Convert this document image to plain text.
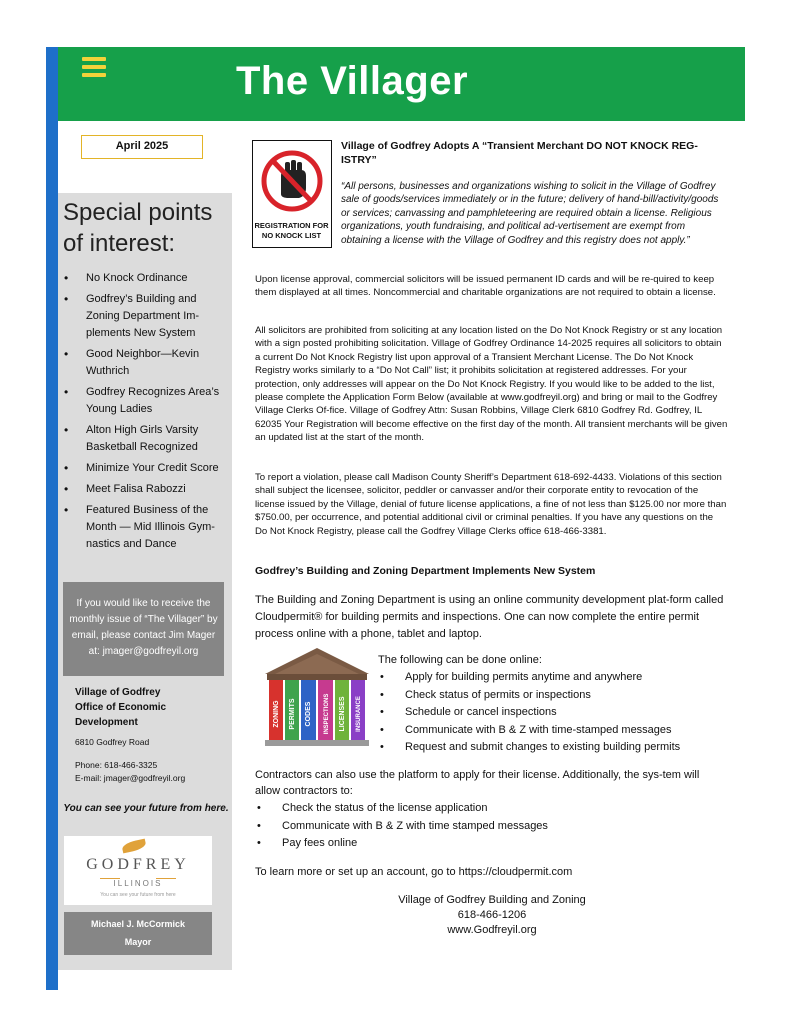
The Villager
April 2025
Special points of interest:
• No Knock Ordinance
• Godfrey’s Building and Zoning Department Im-plements New System
• Good Neighbor—Kevin Wuthrich
• Godfrey Recognizes Area’s Young Ladies
• Alton High Girls Varsity Basketball Recognized
• Minimize Your Credit Score
• Meet Falisa Rabozzi
• Featured Business of the Month — Mid Illinois Gym-nastics and Dance
If you would like to receive the monthly issue of “The Villager” by email, please contact Jim Mager at: jmager@godfreyil.org
Village of Godfrey
Office of Economic
Development
6810 Godfrey Road
Phone: 618-466-3325
E-mail: jmager@godfreyil.org
You can see your future from here.
GODFREY
ILLINOIS
You can see your future from here
Michael J. McCormick
Mayor
REGISTRATION FOR NO KNOCK LIST
Village of Godfrey Adopts A “Transient Merchant DO NOT KNOCK REG-ISTRY”
“All persons, businesses and organizations wishing to solicit in the Village of Godfrey sale of goods/services immediately or in the future; delivery of hand-bill/activity/goods or services; canvassing and pamphleteering are required obtain a license. Religious organizations, youth fundraising, and political ad-vertisement are exempt from obtaining a license with the Village of Godfrey and this registry does not apply.”
Upon license approval, commercial solicitors will be issued permanent ID cards and will be re-quired to keep them displayed at all times. Noncommercial and charitable organizations are not required to obtain a license.
All solicitors are prohibited from soliciting at any location listed on the Do Not Knock Registry or st any location with a sign posted prohibiting solicitation. Village of Godfrey Ordinance 14-2025 requires all solicitors to obtain a current Do Not Knock Registry list upon approval of a Transient Merchant License. The Do Not Knock Registry works similarly to a “Do Not Call” list; it prohibits solicitation at registered addresses. For your protection, only addresses will appear on the Do Not Knock Registry. If you would like to be added to the list, please complete the Application Form Below (available at www.godfreyil.org) and bring or mail to the Godfrey Village Clerks Of-fice. Village of Godfrey Attn: Susan Robbins, Village Clerk 6810 Godfrey Rd. Godfrey, IL 62035 Your Registration will become effective on the first day of the month. All transient merchants will be given an updated list at the start of the month.
To report a violation, please call Madison County Sheriff’s Department 618-692-4433. Violations of this section shall subject the licensee, solicitor, peddler or canvasser and/or their corporate entity to revocation of the license issued by the Village, denial of future license applications, a fine of not less than $125.00 nor more than $750.00, per occurrence, and potential additional civil or criminal penalties. If you have any questions on the Do Not Knock Registry, please call the Godfrey Village Clerks office 618-466-3381.
Godfrey’s Building and Zoning Department Implements New System
The Building and Zoning Department is using an online community development plat-form called Cloudpermit® for building permits and inspections. One can now complete the entire permit process online with a phone, tablet and laptop.
ZONING PERMITS CODES INSPECTIONS LICENSES INSURANCE
The following can be done online:
• Apply for building permits anytime and anywhere
• Check status of permits or inspections
• Schedule or cancel inspections
• Communicate with B & Z with time-stamped messages
• Request and submit changes to existing building permits
Contractors can also use the platform to apply for their license. Additionally, the sys-tem will allow contractors to:
• Check the status of the license application
• Communicate with B & Z with time stamped messages
• Pay fees online
To learn more or set up an account, go to https://cloudpermit.com
Village of Godfrey Building and Zoning
618-466-1206
www.Godfreyil.org
